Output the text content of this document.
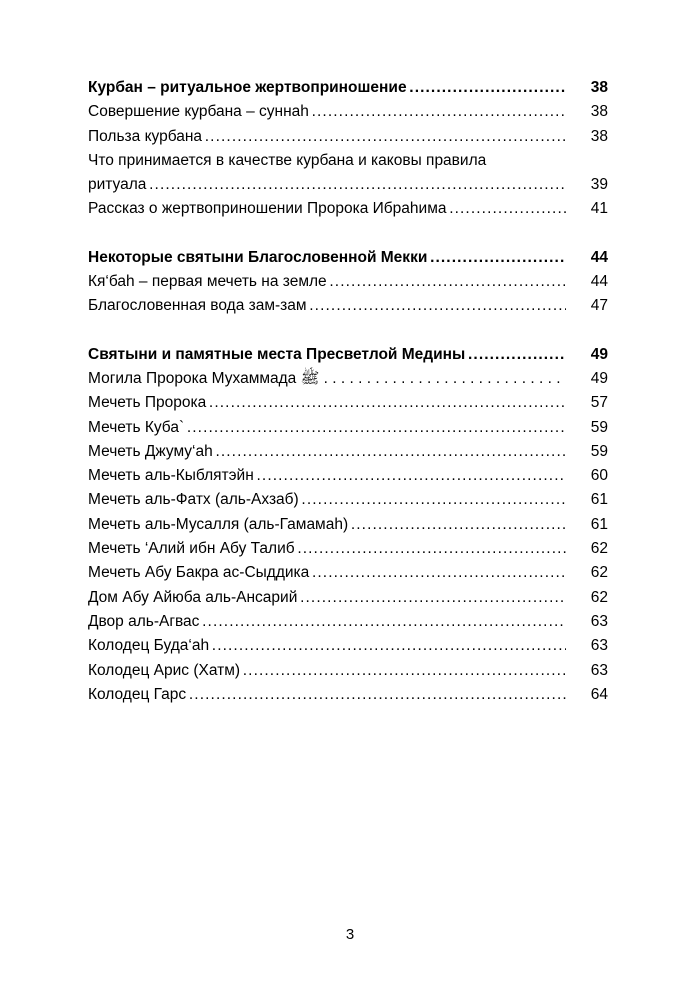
Курбан – ритуальное жертвоприношение . . .	38
Совершение курбана – суннаh . . .	38
Польза курбана . . .	38
Что принимается в качестве курбана и каковы правила
ритуала . . .	39
Рассказ о жертвоприношении Пророка Ибраhима . . .	41
Некоторые святыни Благословенной Мекки . . .	44
Кя‘баh – первая мечеть на земле . . .	44
Благословенная вода зам-зам . . .	47
Святыни и памятные места Пресветлой Медины . . .	49
Могила Пророка Мухаммада ﷺ . . .	49
Мечеть Пророка . . .	57
Мечеть Куба` . . .	59
Мечеть Джуму‘аh . . .	59
Мечеть аль-Кыблятэйн . . .	60
Мечеть аль-Фатх (аль-Ахзаб) . . .	61
Мечеть аль-Мусалля (аль-Гамамаh) . . .	61
Мечеть ‘Алий ибн Абу Талиб . . .	62
Мечеть Абу Бакра ас-Сыддика . . .	62
Дом Абу Айюба аль-Ансарий . . .	62
Двор аль-Агвас . . .	63
Колодец Буда‘аh . . .	63
Колодец Арис (Хатм) . . .	63
Колодец Гарс . . .	64
3
